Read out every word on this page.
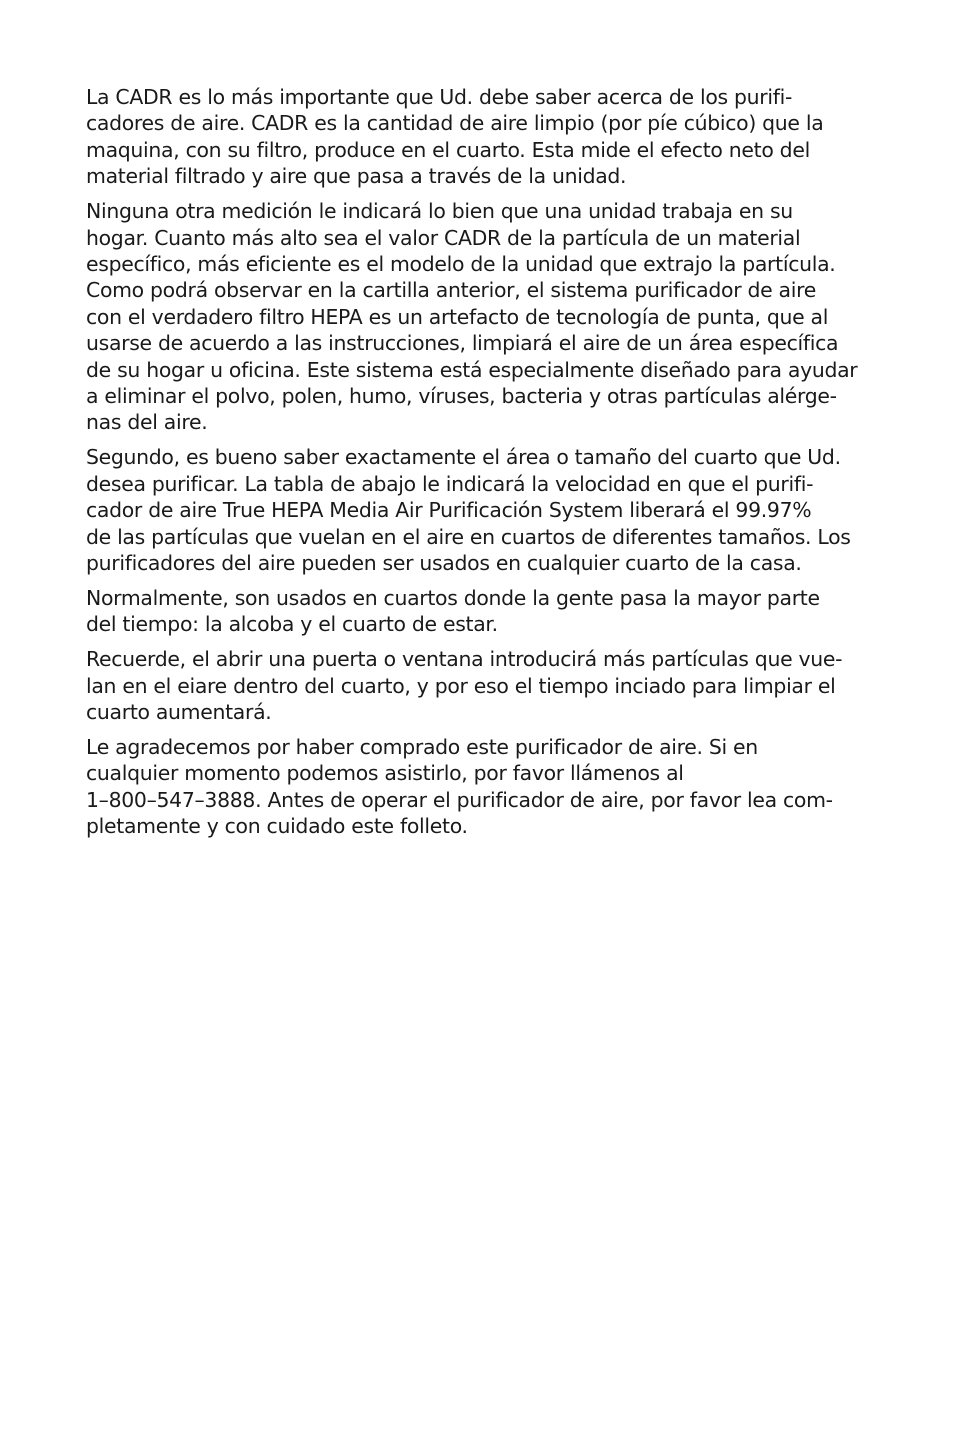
La CADR es lo más importante que Ud. debe saber acerca de los purifi-
cadores de aire. CADR es la cantidad de aire limpio (por píe cúbico) que la
maquina, con su filtro, produce en el cuarto. Esta mide el efecto neto del
material filtrado y aire que pasa a través de la unidad.

Ninguna otra medición le indicará lo bien que una unidad trabaja en su
hogar. Cuanto más alto sea el valor CADR de la partícula de un material
específico, más eficiente es el modelo de la unidad que extrajo la partícula.
Como podrá observar en la cartilla anterior, el sistema purificador de aire
con el verdadero filtro HEPA es un artefacto de tecnología de punta, que al
usarse de acuerdo a las instrucciones, limpiará el aire de un área específica
de su hogar u oficina. Este sistema está especialmente diseñado para ayudar
a eliminar el polvo, polen, humo, víruses, bacteria y otras partículas alérge-
nas del aire.

Segundo, es bueno saber exactamente el área o tamaño del cuarto que Ud.
desea purificar. La tabla de abajo le indicará la velocidad en que el purifi-
cador de aire True HEPA Media Air Purificación System liberará el 99.97%
de las partículas que vuelan en el aire en cuartos de diferentes tamaños. Los
purificadores del aire pueden ser usados en cualquier cuarto de la casa.

Normalmente, son usados en cuartos donde la gente pasa la mayor parte
del tiempo: la alcoba y el cuarto de estar.

Recuerde, el abrir una puerta o ventana introducirá más partículas que vue-
lan en el eiare dentro del cuarto, y por eso el tiempo inciado para limpiar el
cuarto aumentará.

Le agradecemos por haber comprado este purificador de aire. Si en
cualquier momento podemos asistirlo, por favor llámenos al
1–800–547–3888. Antes de operar el purificador de aire, por favor lea com-
pletamente y con cuidado este folleto.
